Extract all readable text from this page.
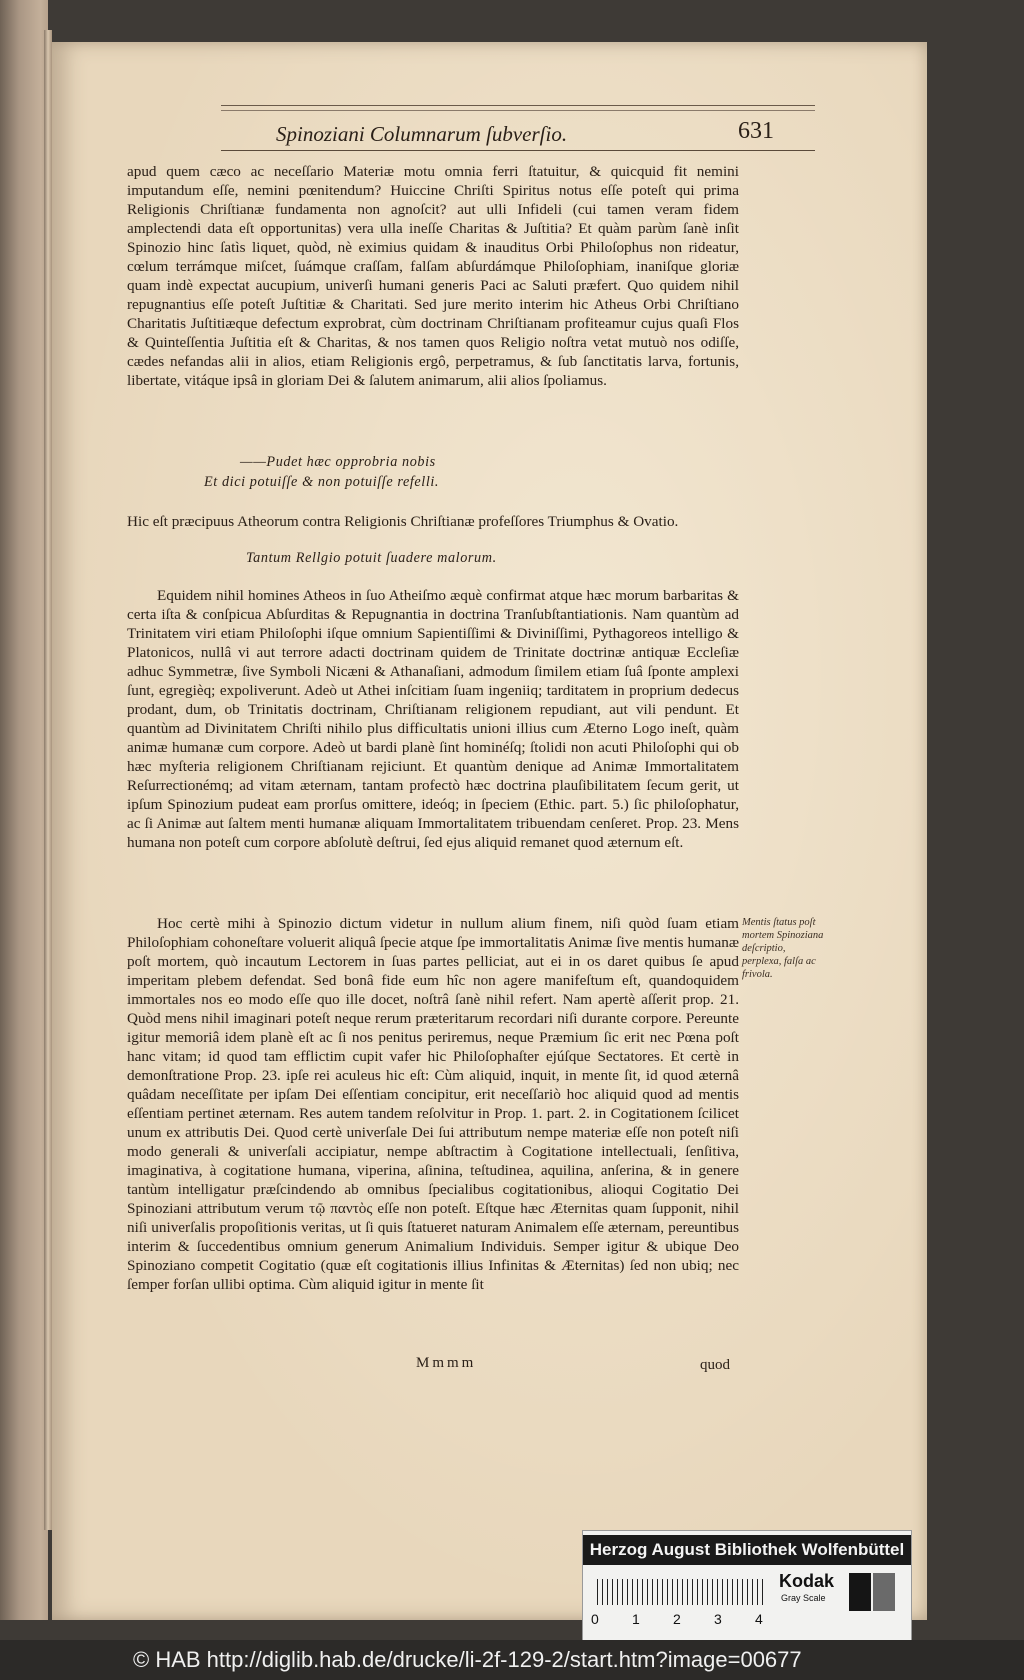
Spinoziani Columnarum ſubverſio.	631
apud quem cæco ac neceſſario Materiæ motu omnia ferri ſtatuitur, & quicquid fit nemini imputandum eſſe, nemini pœnitendum? Huiccine Chriſti Spiritus notus eſſe poteſt qui prima Religionis Chriſtianæ fundamenta non agnoſcit? aut ulli Infideli (cui tamen veram fidem amplectendi data eſt opportunitas) vera ulla ineſſe Charitas & Juſtitia? Et quàm parùm ſanè inſit Spinozio hinc ſatìs liquet, quòd, nè eximius quidam & inauditus Orbi Philoſophus non rideatur, cœlum terrámque miſcet, ſuámque craſſam, falſam abſurdámque Philoſophiam, inaniſque gloriæ quam indè expectat aucupium, univerſi humani generis Paci ac Saluti præfert. Quo quidem nihil repugnantius eſſe poteſt Juſtitiæ & Charitati. Sed jure merito interim hic Atheus Orbi Chriſtiano Charitatis Juſtitiæque defectum exprobrat, cùm doctrinam Chriſtianam profiteamur cujus quaſi Flos & Quinteſſentia Juſtitia eſt & Charitas, & nos tamen quos Religio noſtra vetat mutuò nos odiſſe, cædes nefandas alii in alios, etiam Religionis ergô, perpetramus, & ſub ſanctitatis larva, fortunis, libertate, vitáque ipsâ in gloriam Dei & ſalutem animarum, alii alios ſpoliamus.
——Pudet hæc opprobria nobis
Et dici potuiſſe & non potuiſſe refelli.
Hic eſt præcipuus Atheorum contra Religionis Chriſtianæ profeſſores Triumphus & Ovatio.
Tantum Rellgio potuit ſuadere malorum.
Equidem nihil homines Atheos in ſuo Atheiſmo æquè confirmat atque hæc morum barbaritas & certa iſta & conſpicua Abſurditas & Repugnantia in doctrina Tranſubſtantiationis. Nam quantùm ad Trinitatem viri etiam Philoſophi iſque omnium Sapientiſſimi & Diviniſſimi, Pythagoreos intelligo & Platonicos, nullâ vi aut terrore adacti doctrinam quidem de Trinitate doctrinæ antiquæ Eccleſiæ adhuc Symmetræ, ſive Symboli Nicæni & Athanaſiani, admodum ſimilem etiam ſuâ ſponte amplexi ſunt, egregièq; expoliverunt. Adeò ut Athei inſcitiam ſuam ingeniiq; tarditatem in proprium dedecus prodant, dum, ob Trinitatis doctrinam, Chriſtianam religionem repudiant, aut vili pendunt. Et quantùm ad Divinitatem Chriſti nihilo plus difficultatis unioni illius cum Æterno Logo ineſt, quàm animæ humanæ cum corpore. Adeò ut bardi planè ſint hominéſq; ſtolidi non acuti Philoſophi qui ob hæc myſteria religionem Chriſtianam rejiciunt. Et quantùm denique ad Animæ Immortalitatem Reſurrectionémq; ad vitam æternam, tantam profectò hæc doctrina plauſibilitatem ſecum gerit, ut ipſum Spinozium pudeat eam prorſus omittere, ideóq; in ſpeciem (Ethic. part. 5.) ſic philoſophatur, ac ſi Animæ aut ſaltem menti humanæ aliquam Immortalitatem tribuendam cenſeret. Prop. 23. Mens humana non poteſt cum corpore abſolutè deſtrui, ſed ejus aliquid remanet quod æternum eſt.
Hoc certè mihi à Spinozio dictum videtur in nullum alium finem, niſi quòd ſuam etiam Philoſophiam cohoneſtare voluerit aliquâ ſpecie atque ſpe immortalitatis Animæ ſive mentis humanæ poſt mortem, quò incautum Lectorem in ſuas partes pelliciat, aut ei in os daret quibus ſe apud imperitam plebem defendat. Sed bonâ fide eum hîc non agere manifeſtum eſt, quandoquidem immortales nos eo modo eſſe quo ille docet, noſtrâ ſanè nihil refert. Nam apertè aſſerit prop. 21. Quòd mens nihil imaginari poteſt neque rerum præteritarum recordari niſi durante corpore. Pereunte igitur memoriâ idem planè eſt ac ſi nos penitus periremus, neque Præmium ſic erit nec Pœna poſt hanc vitam; id quod tam efflictim cupit vafer hic Philoſophaſter ejúſque Sectatores. Et certè in demonſtratione Prop. 23. ipſe rei aculeus hic eſt: Cùm aliquid, inquit, in mente ſit, id quod æternâ quâdam neceſſitate per ipſam Dei eſſentiam concipitur, erit neceſſariò hoc aliquid quod ad mentis eſſentiam pertinet æternam. Res autem tandem reſolvitur in Prop. 1. part. 2. in Cogitationem ſcilicet unum ex attributis Dei. Quod certè univerſale Dei ſui attributum nempe materiæ eſſe non poteſt niſi modo generali & univerſali accipiatur, nempe abſtractim à Cogitatione intellectuali, ſenſitiva, imaginativa, à cogitatione humana, viperina, aſinina, teſtudinea, aquilina, anſerina, & in genere tantùm intelligatur præſcindendo ab omnibus ſpecialibus cogitationibus, alioqui Cogitatio Dei Spinoziani attributum verum τῷ παντὸς eſſe non poteſt. Eſtque hæc Æternitas quam ſupponit, nihil niſi univerſalis propoſitionis veritas, ut ſi quis ſtatueret naturam Animalem eſſe æternam, pereuntibus interim & ſuccedentibus omnium generum Animalium Individuis. Semper igitur & ubique Deo Spinoziano competit Cogitatio (quæ eſt cogitationis illius Infinitas & Æternitas) ſed non ubiq; nec ſemper forſan ullibi optima. Cùm aliquid igitur in mente ſit
Mentis ſtatus poſt mortem Spinoziana deſcriptio, perplexa, falſa ac frivola.
Mmmm	quod
Herzog August Bibliothek Wolfenbüttel
0 1 2 3 4
Kodak
Gray Scale
© HAB http://diglib.hab.de/drucke/li-2f-129-2/start.htm?image=00677
